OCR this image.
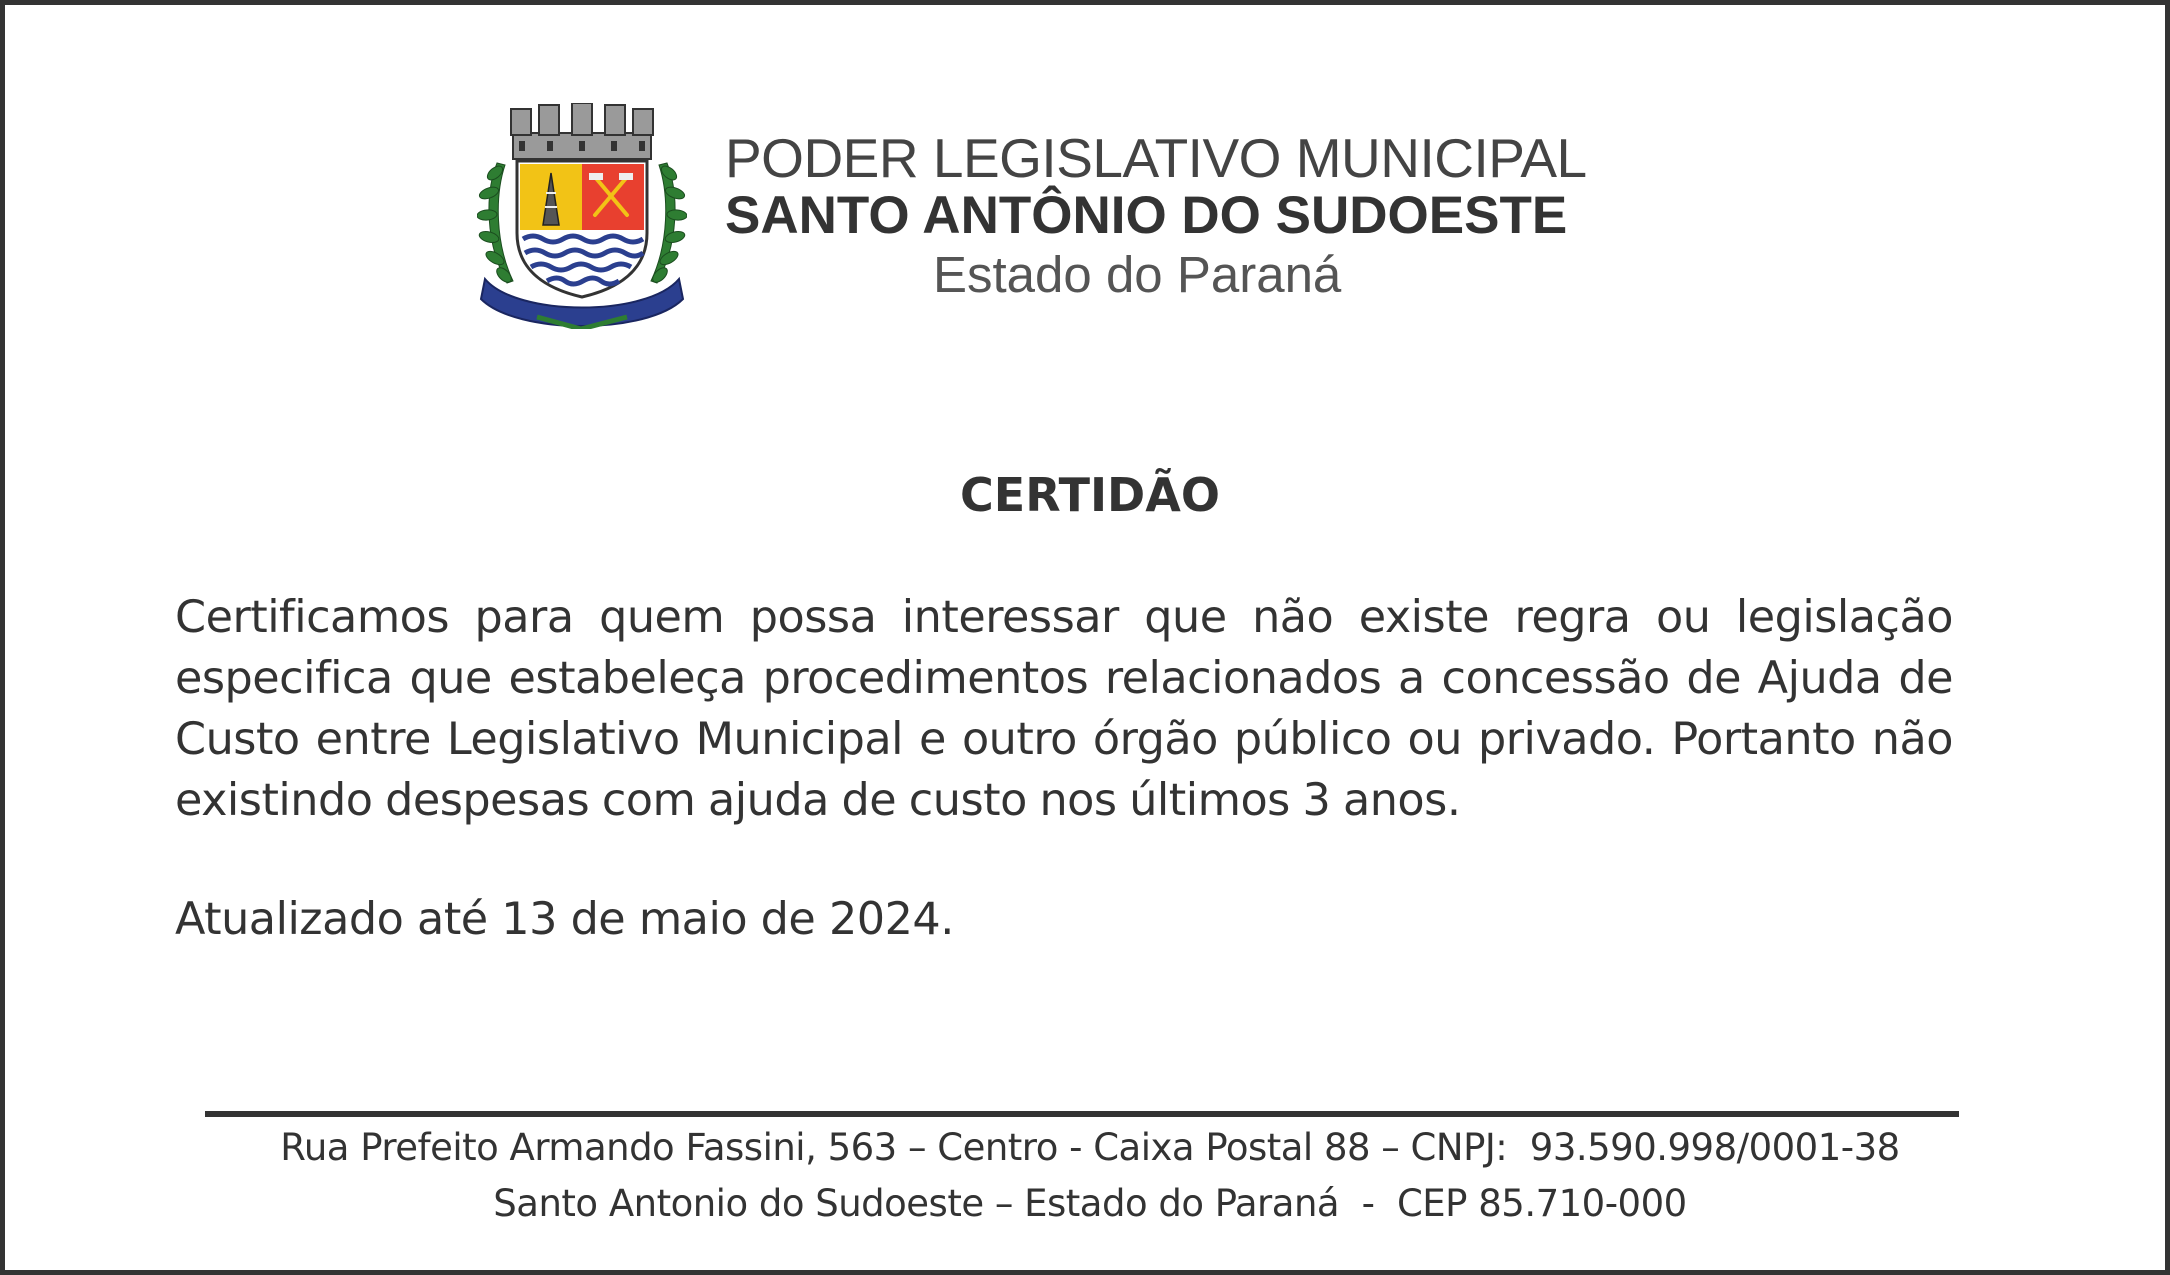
PODER LEGISLATIVO MUNICIPAL
SANTO ANTÔNIO DO SUDOESTE
Estado do Paraná
CERTIDÃO
Certificamos para quem possa interessar que não existe regra ou legislação especifica que estabeleça procedimentos relacionados a concessão de Ajuda de Custo entre Legislativo Municipal e outro órgão público ou privado. Portanto não existindo despesas com ajuda de custo nos últimos 3 anos.
Atualizado até 13 de maio de 2024.
Rua Prefeito Armando Fassini, 563 – Centro - Caixa Postal 88 – CNPJ:  93.590.998/0001-38
Santo Antonio do Sudoeste – Estado do Paraná  -  CEP 85.710-000
